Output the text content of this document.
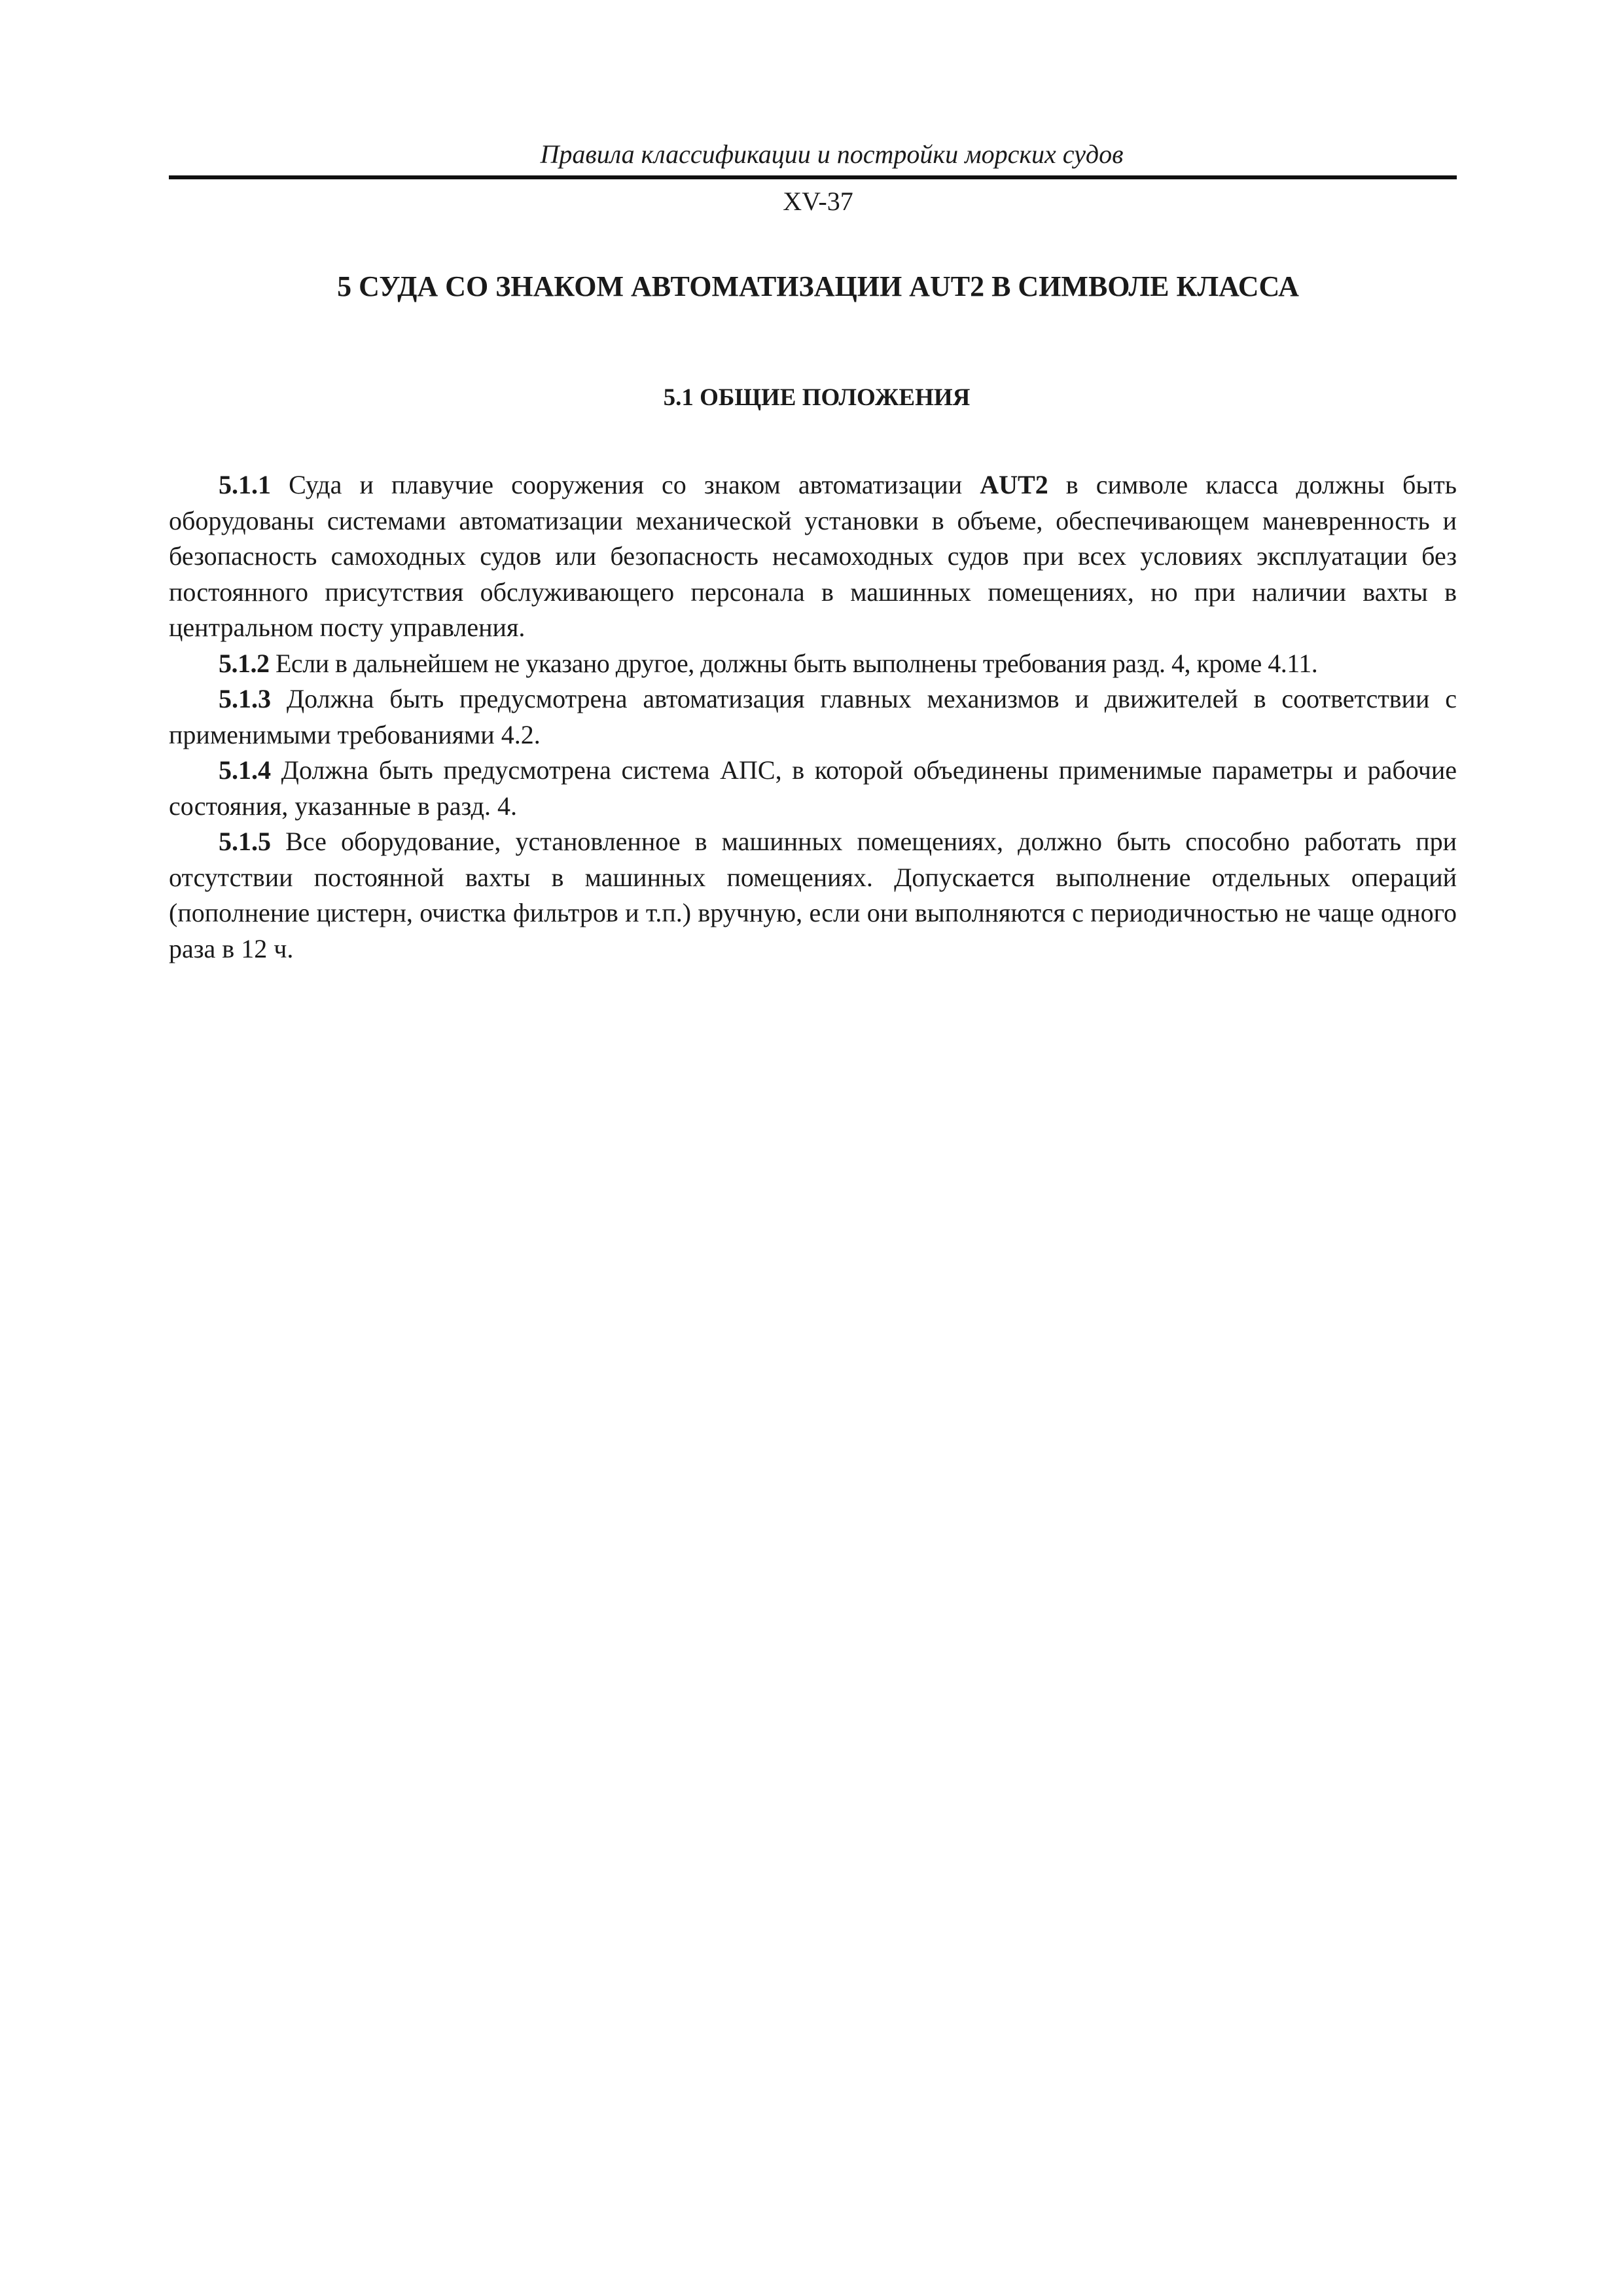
Правила классификации и постройки морских судов
XV-37
5 СУДА СО ЗНАКОМ АВТОМАТИЗАЦИИ AUT2 В СИМВОЛЕ КЛАССА
5.1 ОБЩИЕ ПОЛОЖЕНИЯ

5.1.1 Суда и плавучие сооружения со знаком автоматизации AUT2 в символе класса должны быть оборудованы системами автоматизации механической установки в объеме, обеспечивающем маневренность и безопасность самоходных судов или безопасность несамоходных судов при всех условиях эксплуатации без постоянного присутствия обслуживающего персонала в машинных помещениях, но при наличии вахты в центральном посту управления.

5.1.2 Если в дальнейшем не указано другое, должны быть выполнены требования разд. 4, кроме 4.11.

5.1.3 Должна быть предусмотрена автоматизация главных механизмов и движителей в соответствии с применимыми требованиями 4.2.

5.1.4 Должна быть предусмотрена система АПС, в которой объединены применимые параметры и рабочие состояния, указанные в разд. 4.

5.1.5 Все оборудование, установленное в машинных помещениях, должно быть способно работать при отсутствии постоянной вахты в машинных помещениях. Допускается выполнение отдельных операций (пополнение цистерн, очистка фильтров и т.п.) вручную, если они выполняются с периодичностью не чаще одного раза в 12 ч.
